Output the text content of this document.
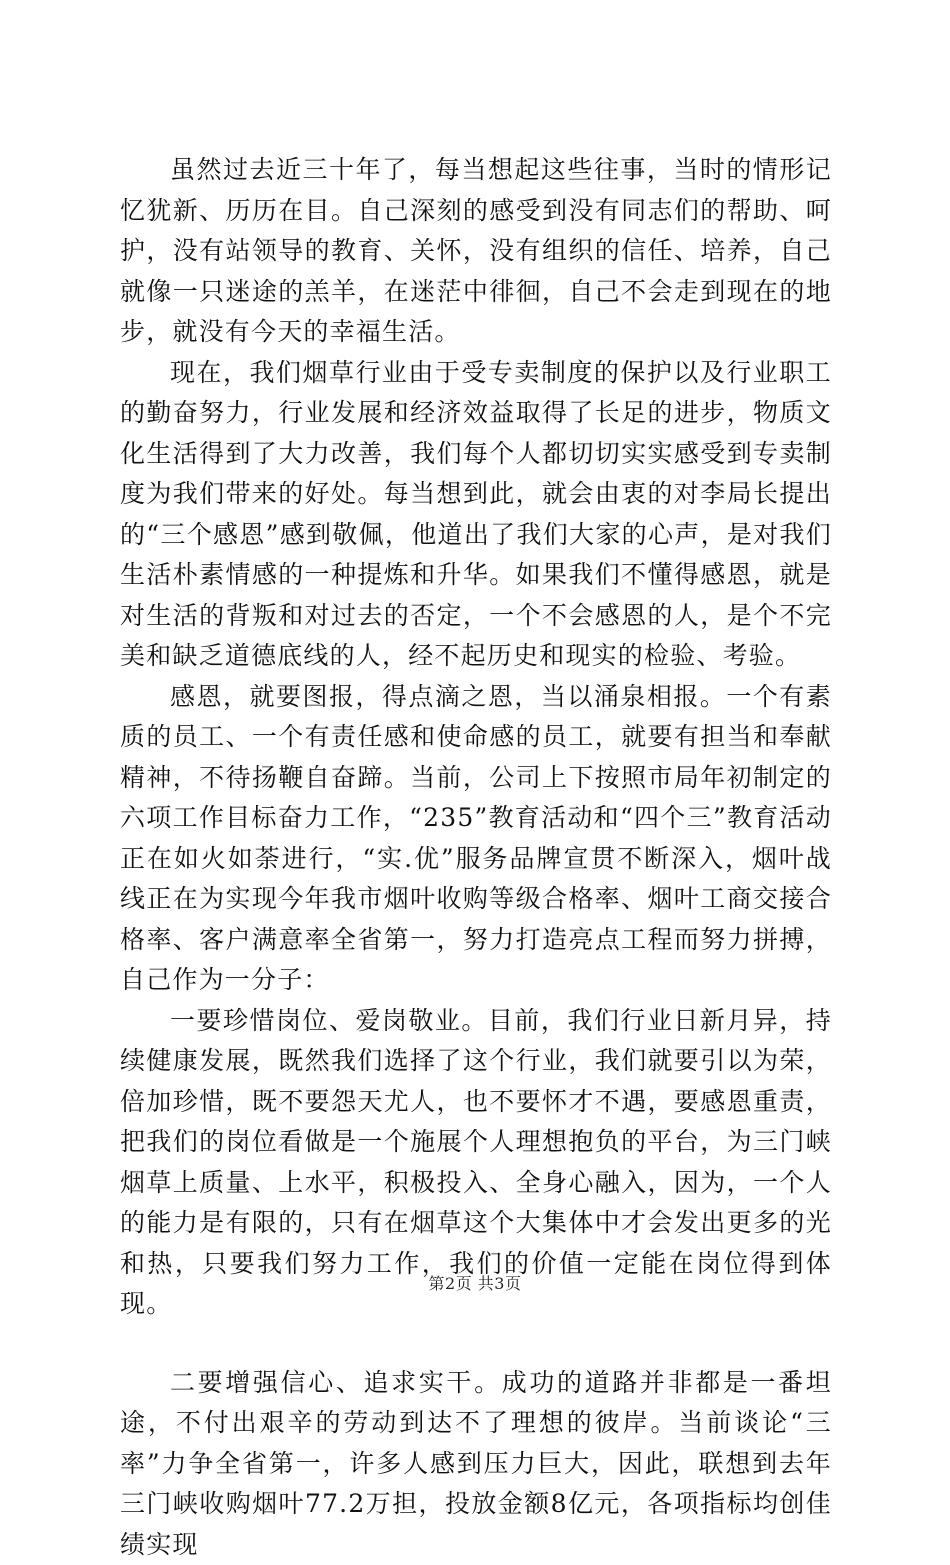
虽然过去近三十年了，每当想起这些往事，当时的情形记忆犹新、历历在目。自己深刻的感受到没有同志们的帮助、呵护，没有站领导的教育、关怀，没有组织的信任、培养，自己就像一只迷途的羔羊，在迷茫中徘徊，自己不会走到现在的地步，就没有今天的幸福生活。

现在，我们烟草行业由于受专卖制度的保护以及行业职工的勤奋努力，行业发展和经济效益取得了长足的进步，物质文化生活得到了大力改善，我们每个人都切切实实感受到专卖制度为我们带来的好处。每当想到此，就会由衷的对李局长提出的“三个感恩”感到敬佩，他道出了我们大家的心声，是对我们生活朴素情感的一种提炼和升华。如果我们不懂得感恩，就是对生活的背叛和对过去的否定，一个不会感恩的人，是个不完美和缺乏道德底线的人，经不起历史和现实的检验、考验。

感恩，就要图报，得点滴之恩，当以涌泉相报。一个有素质的员工、一个有责任感和使命感的员工，就要有担当和奉献精神，不待扬鞭自奋蹄。当前，公司上下按照市局年初制定的六项工作目标奋力工作，“235”教育活动和“四个三”教育活动正在如火如荼进行，“实.优”服务品牌宣贯不断深入，烟叶战线正在为实现今年我市烟叶收购等级合格率、烟叶工商交接合格率、客户满意率全省第一，努力打造亮点工程而努力拼搏，自己作为一分子：

一要珍惜岗位、爱岗敬业。目前，我们行业日新月异，持续健康发展，既然我们选择了这个行业，我们就要引以为荣，倍加珍惜，既不要怨天尤人，也不要怀才不遇，要感恩重责，把我们的岗位看做是一个施展个人理想抱负的平台，为三门峡烟草上质量、上水平，积极投入、全身心融入，因为，一个人的能力是有限的，只有在烟草这个大集体中才会发出更多的光和热，只要我们努力工作，我们的价值一定能在岗位得到体现。

二要增强信心、追求实干。成功的道路并非都是一番坦途，不付出艰辛的劳动到达不了理想的彼岸。当前谈论“三率”力争全省第一，许多人感到压力巨大，因此，联想到去年三门峡收购烟叶77.2万担，投放金额8亿元，各项指标均创佳绩实现

第2页 共3页
